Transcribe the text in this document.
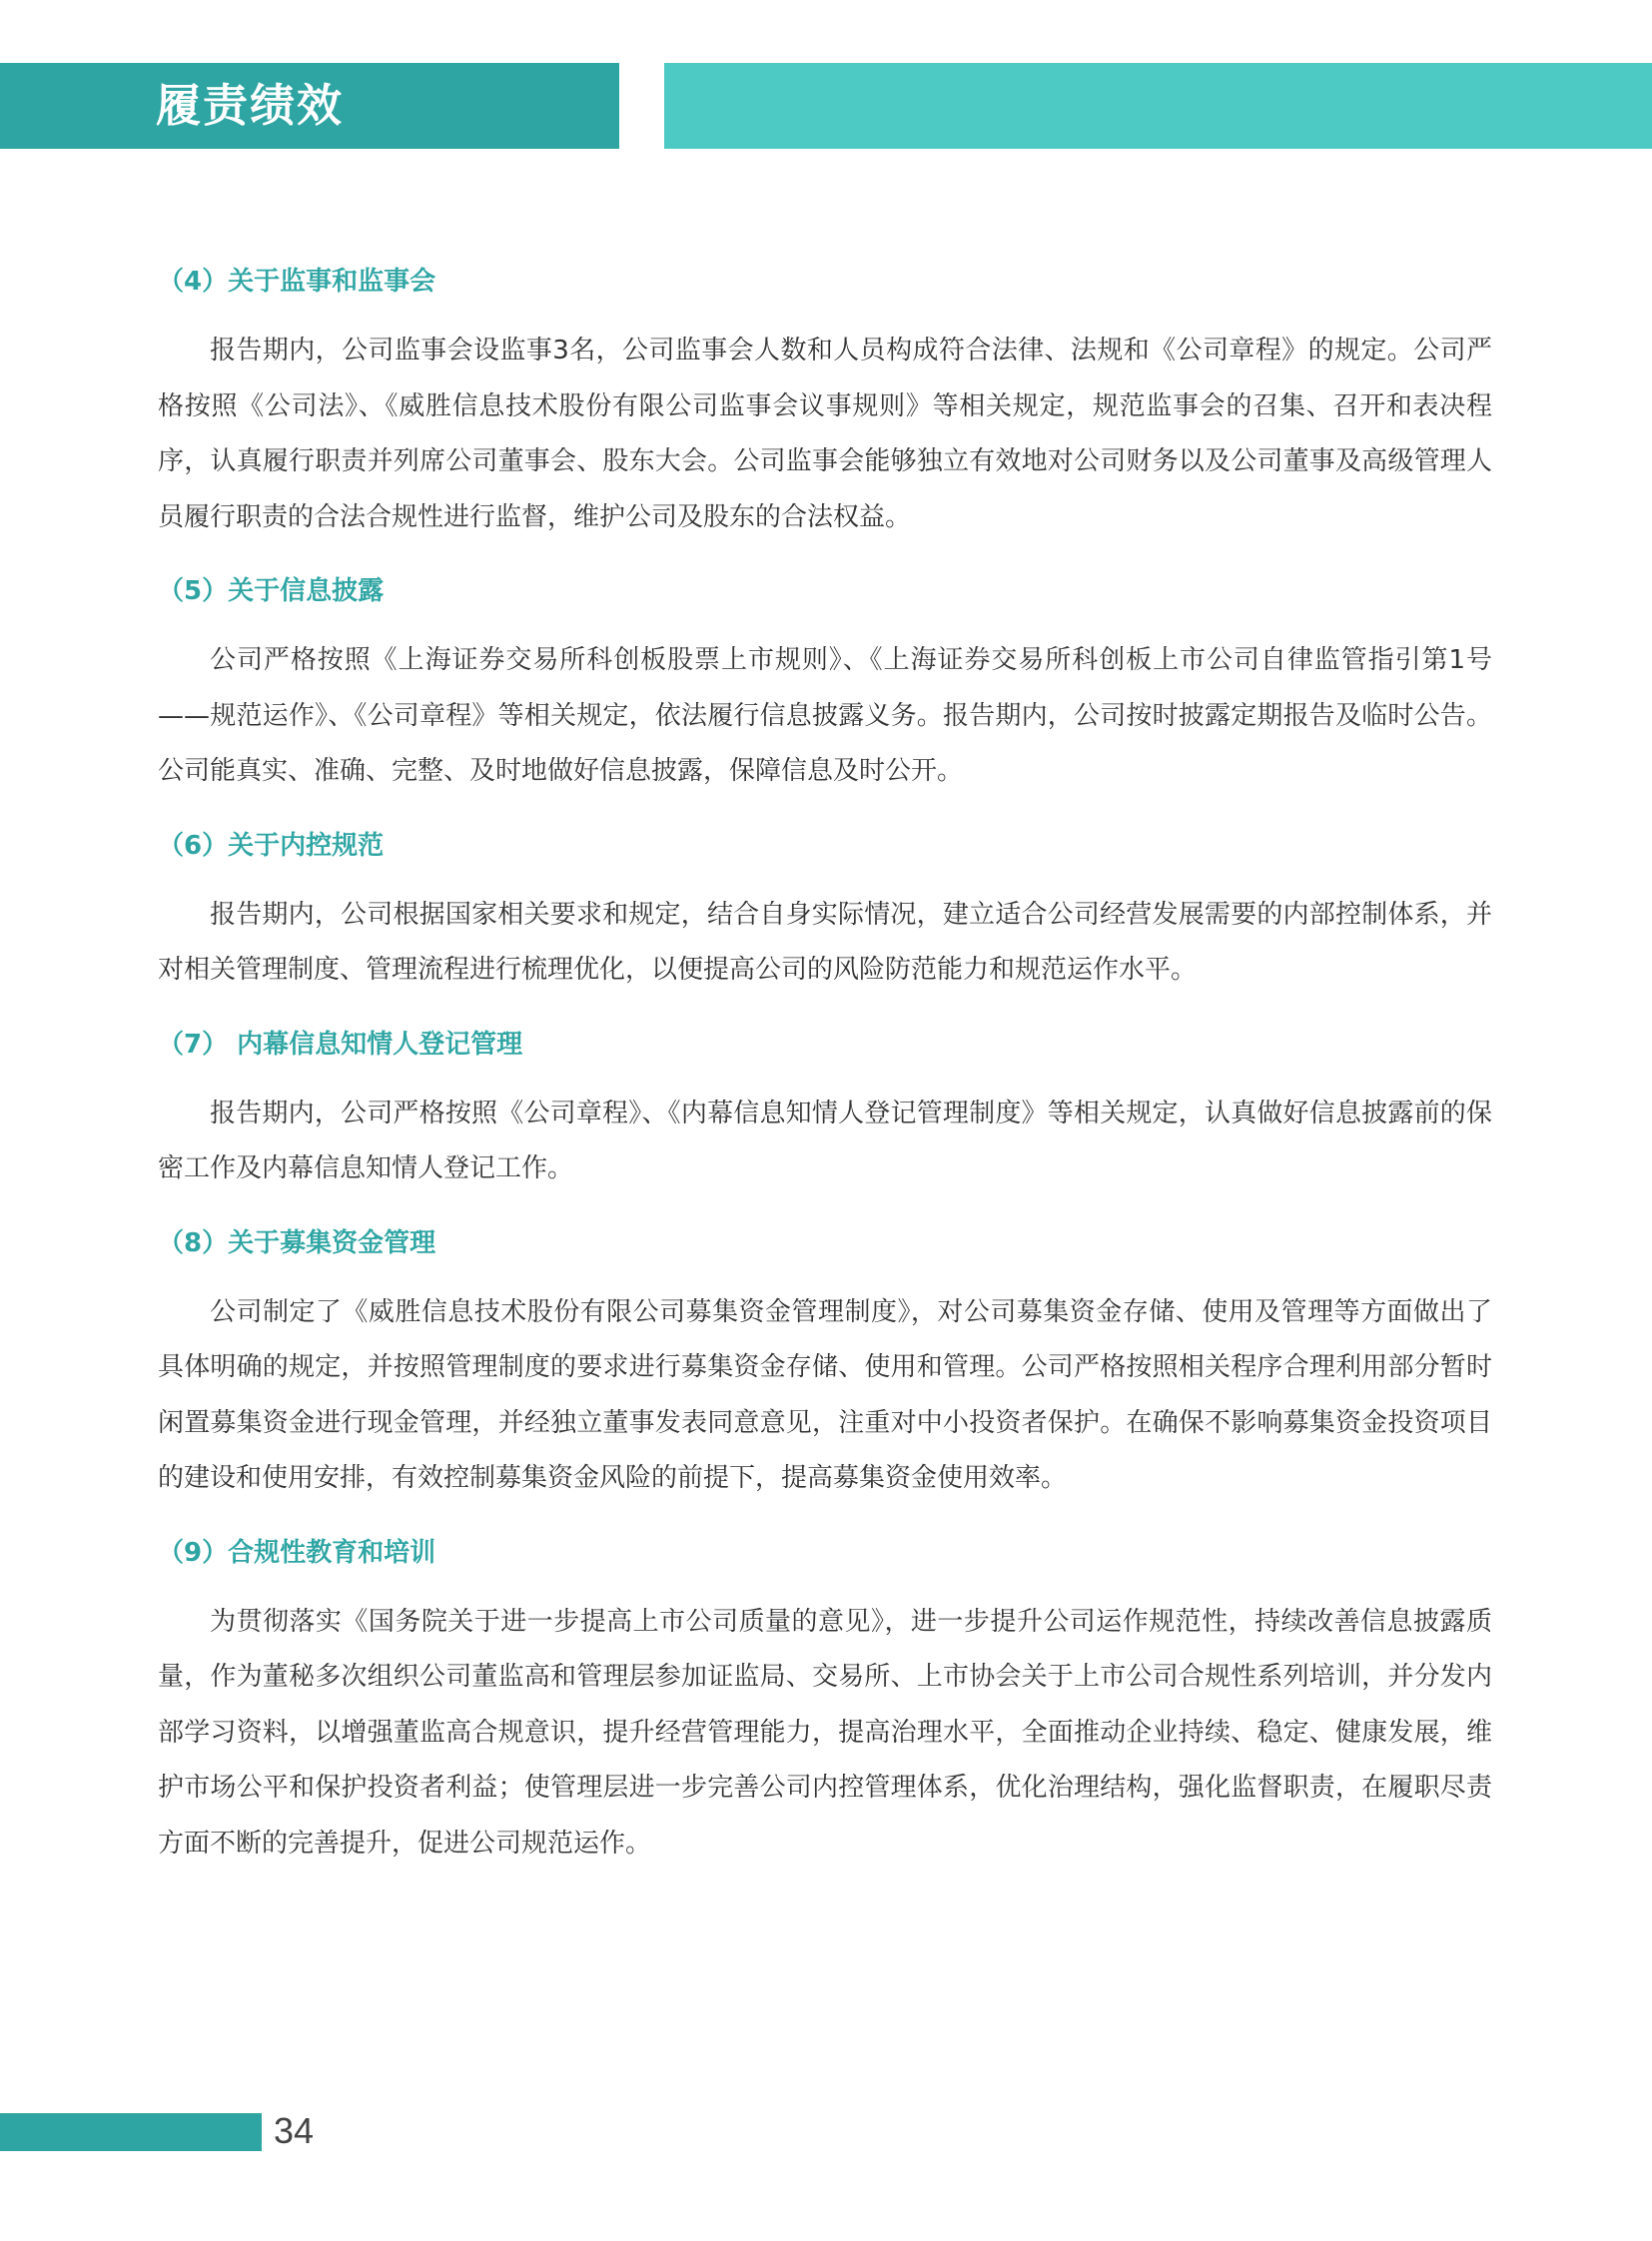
履责绩效
（4）关于监事和监事会

报告期内，公司监事会设监事3名，公司监事会人数和人员构成符合法律、法规和《公司章程》的规定。公司严格按照《公司法》、《威胜信息技术股份有限公司监事会议事规则》等相关规定，规范监事会的召集、召开和表决程序，认真履行职责并列席公司董事会、股东大会。公司监事会能够独立有效地对公司财务以及公司董事及高级管理人员履行职责的合法合规性进行监督，维护公司及股东的合法权益。

（5）关于信息披露

公司严格按照《上海证券交易所科创板股票上市规则》、《上海证券交易所科创板上市公司自律监管指引第1号——规范运作》、《公司章程》等相关规定，依法履行信息披露义务。报告期内，公司按时披露定期报告及临时公告。公司能真实、准确、完整、及时地做好信息披露，保障信息及时公开。

（6）关于内控规范

报告期内，公司根据国家相关要求和规定，结合自身实际情况，建立适合公司经营发展需要的内部控制体系，并对相关管理制度、管理流程进行梳理优化，以便提高公司的风险防范能力和规范运作水平。

（7） 内幕信息知情人登记管理

报告期内，公司严格按照《公司章程》、《内幕信息知情人登记管理制度》等相关规定，认真做好信息披露前的保密工作及内幕信息知情人登记工作。

（8）关于募集资金管理

公司制定了《威胜信息技术股份有限公司募集资金管理制度》，对公司募集资金存储、使用及管理等方面做出了具体明确的规定，并按照管理制度的要求进行募集资金存储、使用和管理。公司严格按照相关程序合理利用部分暂时闲置募集资金进行现金管理，并经独立董事发表同意意见，注重对中小投资者保护。在确保不影响募集资金投资项目的建设和使用安排，有效控制募集资金风险的前提下，提高募集资金使用效率。

（9）合规性教育和培训

为贯彻落实《国务院关于进一步提高上市公司质量的意见》，进一步提升公司运作规范性，持续改善信息披露质量，作为董秘多次组织公司董监高和管理层参加证监局、交易所、上市协会关于上市公司合规性系列培训，并分发内部学习资料，以增强董监高合规意识，提升经营管理能力，提高治理水平，全面推动企业持续、稳定、健康发展，维护市场公平和保护投资者利益；使管理层进一步完善公司内控管理体系，优化治理结构，强化监督职责，在履职尽责方面不断的完善提升，促进公司规范运作。

34
